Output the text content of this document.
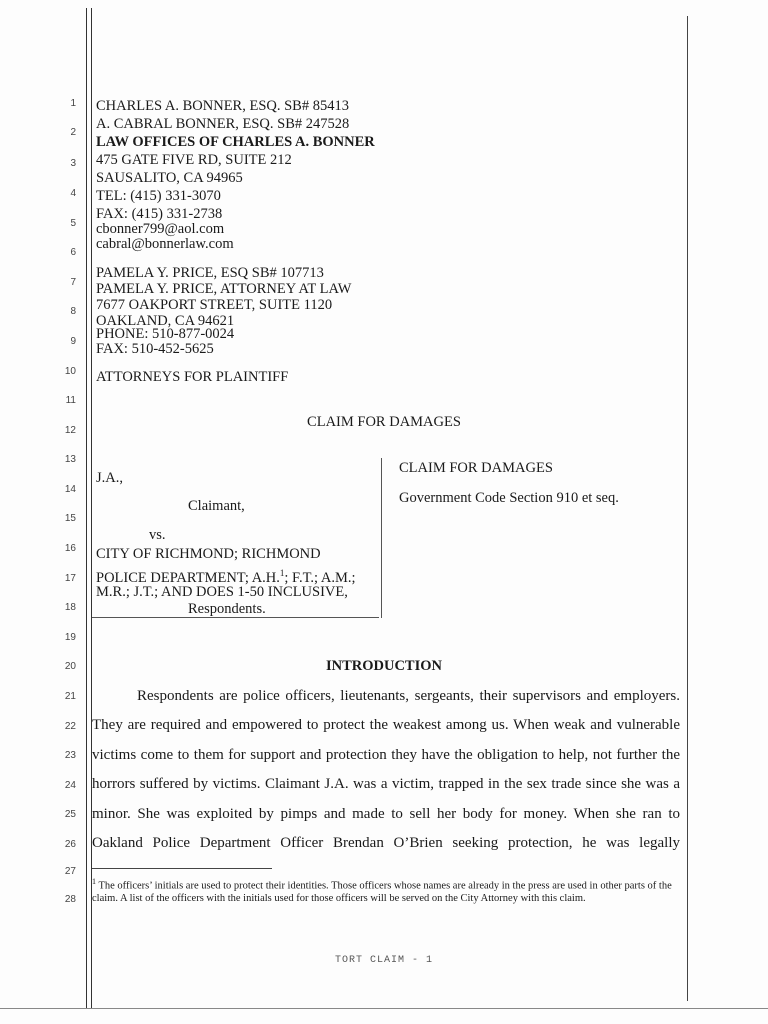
1
2
3
4
5
6
7
8
9
10
11
12
13
14
15
16
17
18
19
20
21
22
23
24
25
26
27
28
CHARLES A. BONNER, ESQ. SB# 85413
A. CABRAL BONNER, ESQ. SB# 247528
LAW OFFICES OF CHARLES A. BONNER
475 GATE FIVE RD, SUITE 212
SAUSALITO, CA 94965
TEL: (415) 331-3070
FAX: (415) 331-2738
cbonner799@aol.com
cabral@bonnerlaw.com
PAMELA Y. PRICE, ESQ SB# 107713
PAMELA Y. PRICE, ATTORNEY AT LAW
7677 OAKPORT STREET, SUITE 1120
OAKLAND, CA 94621
PHONE: 510-877-0024
FAX: 510-452-5625
ATTORNEYS FOR PLAINTIFF
CLAIM FOR DAMAGES
J.A.,
Claimant,
vs.
CITY OF RICHMOND; RICHMOND
POLICE DEPARTMENT; A.H.$^1$; F.T.; A.M.;
M.R.; J.T.; AND DOES 1-50 INCLUSIVE,
Respondents.
CLAIM FOR DAMAGES
Government Code Section 910 et seq.
INTRODUCTION
Respondents are police officers, lieutenants, sergeants, their supervisors and employers.
They are required and empowered to protect the weakest among us. When weak and vulnerable
victims come to them for support and protection they have the obligation to help, not further the
horrors suffered by victims. Claimant J.A. was a victim, trapped in the sex trade since she was a
minor. She was exploited by pimps and made to sell her body for money. When she ran to
Oakland Police Department Officer Brendan O’Brien seeking protection, he was legally
$^1$ The officers’ initials are used to protect their identities. Those officers whose names are already in the press are used in other parts of the claim. A list of the officers with the initials used for those officers will be served on the City Attorney with this claim.
TORT CLAIM - 1
